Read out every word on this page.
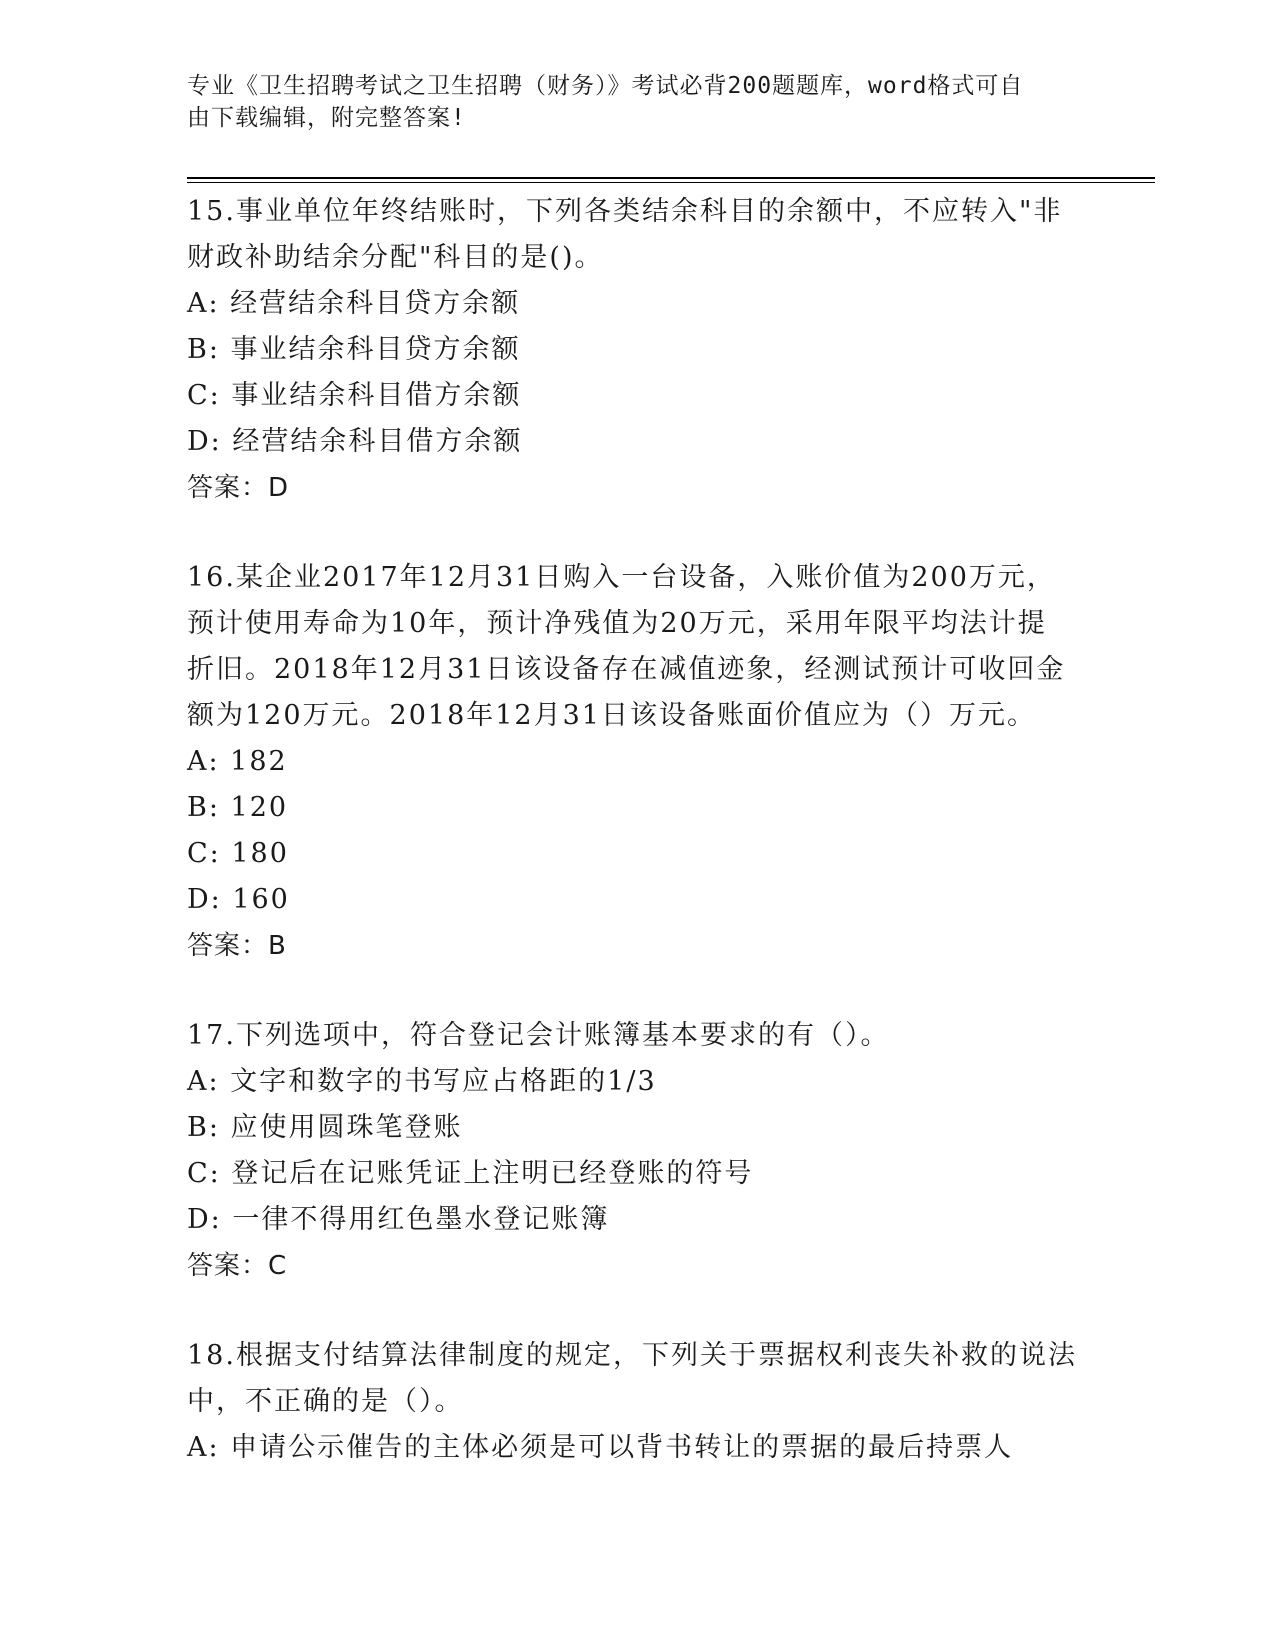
专业《卫生招聘考试之卫生招聘（财务）》考试必背200题题库，word格式可自
由下载编辑，附完整答案!

15.事业单位年终结账时，下列各类结余科目的余额中，不应转入"非

财政补助结余分配"科目的是()。

A: 经营结余科目贷方余额

B: 事业结余科目贷方余额

C: 事业结余科目借方余额

D: 经营结余科目借方余额

答案：D

16.某企业2017年12月31日购入一台设备，入账价值为200万元，

预计使用寿命为10年，预计净残值为20万元，采用年限平均法计提

折旧。2018年12月31日该设备存在减值迹象，经测试预计可收回金

额为120万元。2018年12月31日该设备账面价值应为（）万元。

A: 182

B: 120

C: 180

D: 160

答案：B

17.下列选项中，符合登记会计账簿基本要求的有（）。

A: 文字和数字的书写应占格距的1/3

B: 应使用圆珠笔登账

C: 登记后在记账凭证上注明已经登账的符号

D: 一律不得用红色墨水登记账簿

答案：C

18.根据支付结算法律制度的规定，下列关于票据权利丧失补救的说法

中，不正确的是（）。

A: 申请公示催告的主体必须是可以背书转让的票据的最后持票人
